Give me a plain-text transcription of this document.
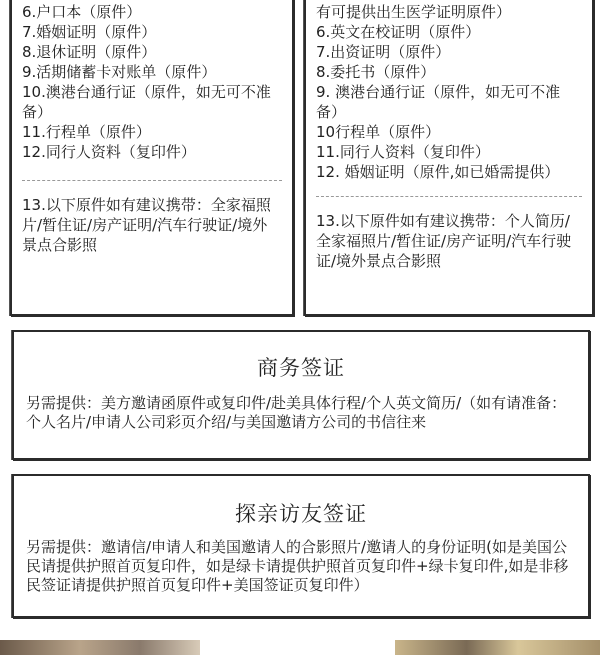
6.户口本（原件）
7.婚姻证明（原件）
8.退休证明（原件）
9.活期储蓄卡对账单（原件）
10.澳港台通行证（原件，如无可不准备）
11.行程单（原件）
12.同行人资料（复印件）
13.以下原件如有建议携带：全家福照片/暂住证/房产证明/汽车行驶证/境外景点合影照
有可提供出生医学证明原件）
6.英文在校证明（原件）
7.出资证明（原件）
8.委托书（原件）
9. 澳港台通行证（原件，如无可不准备）
10行程单（原件）
11.同行人资料（复印件）
12. 婚姻证明（原件,如已婚需提供）
13.以下原件如有建议携带：个人简历/全家福照片/暂住证/房产证明/汽车行驶证/境外景点合影照
商务签证
另需提供：美方邀请函原件或复印件/赴美具体行程/个人英文简历/（如有请准备：个人名片/申请人公司彩页介绍/与美国邀请方公司的书信往来
探亲访友签证
另需提供：邀请信/申请人和美国邀请人的合影照片/邀请人的身份证明(如是美国公民请提供护照首页复印件，如是绿卡请提供护照首页复印件+绿卡复印件,如是非移民签证请提供护照首页复印件+美国签证页复印件）
